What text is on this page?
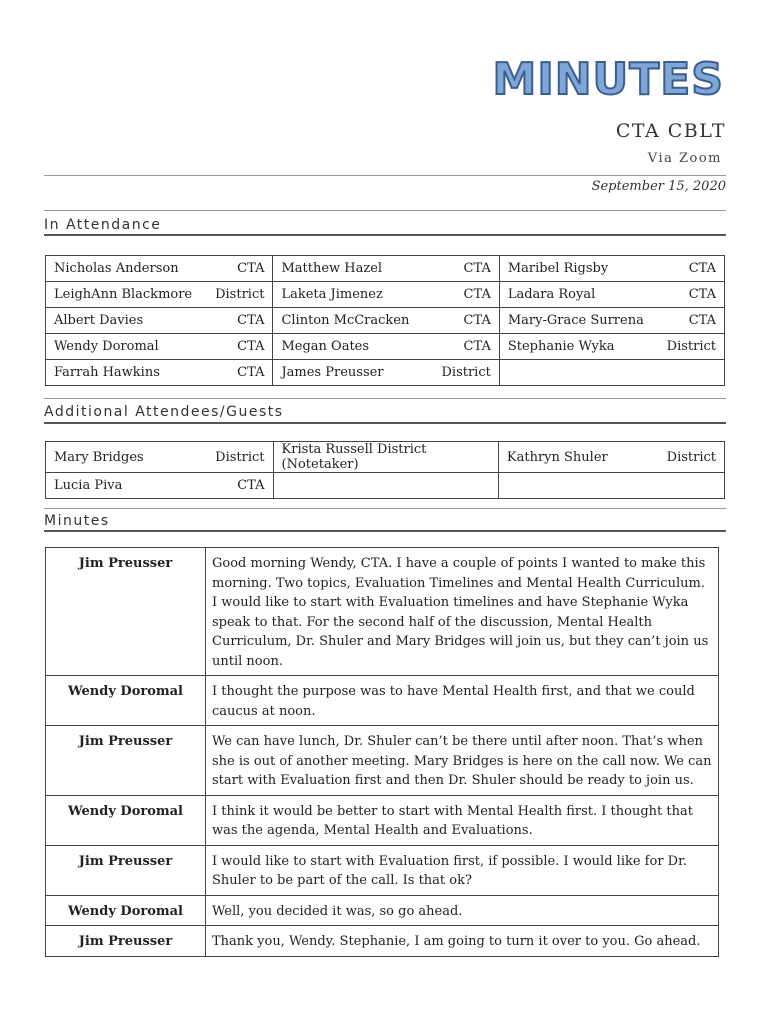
MINUTES
CTA CBLT
Via Zoom
September 15, 2020
In Attendance
Nicholas Anderson CTA	Matthew Hazel CTA	Maribel Rigsby CTA

LeighAnn Blackmore District	Laketa Jimenez CTA	Ladara Royal CTA

Albert Davies CTA	Clinton McCracken CTA	Mary-Grace Surrena CTA

Wendy Doromal CTA	Megan Oates CTA	Stephanie Wyka District

Farrah Hawkins CTA	James Preusser District	

Additional Attendees/Guests
Mary Bridges District	Krista Russell District (Notetaker)	Kathryn Shuler District

Lucia Piva CTA		

Minutes
Jim Preusser	Good morning Wendy, CTA. I have a couple of points I wanted to make this morning. Two topics, Evaluation Timelines and Mental Health Curriculum. I would like to start with Evaluation timelines and have Stephanie Wyka speak to that. For the second half of the discussion, Mental Health Curriculum, Dr. Shuler and Mary Bridges will join us, but they can’t join us until noon.
Wendy Doromal	I thought the purpose was to have Mental Health first, and that we could caucus at noon.
Jim Preusser	We can have lunch, Dr. Shuler can’t be there until after noon. That’s when she is out of another meeting. Mary Bridges is here on the call now. We can start with Evaluation first and then Dr. Shuler should be ready to join us.
Wendy Doromal	I think it would be better to start with Mental Health first. I thought that was the agenda, Mental Health and Evaluations.
Jim Preusser	I would like to start with Evaluation first, if possible. I would like for Dr. Shuler to be part of the call. Is that ok?
Wendy Doromal	Well, you decided it was, so go ahead.
Jim Preusser	Thank you, Wendy. Stephanie, I am going to turn it over to you. Go ahead.
